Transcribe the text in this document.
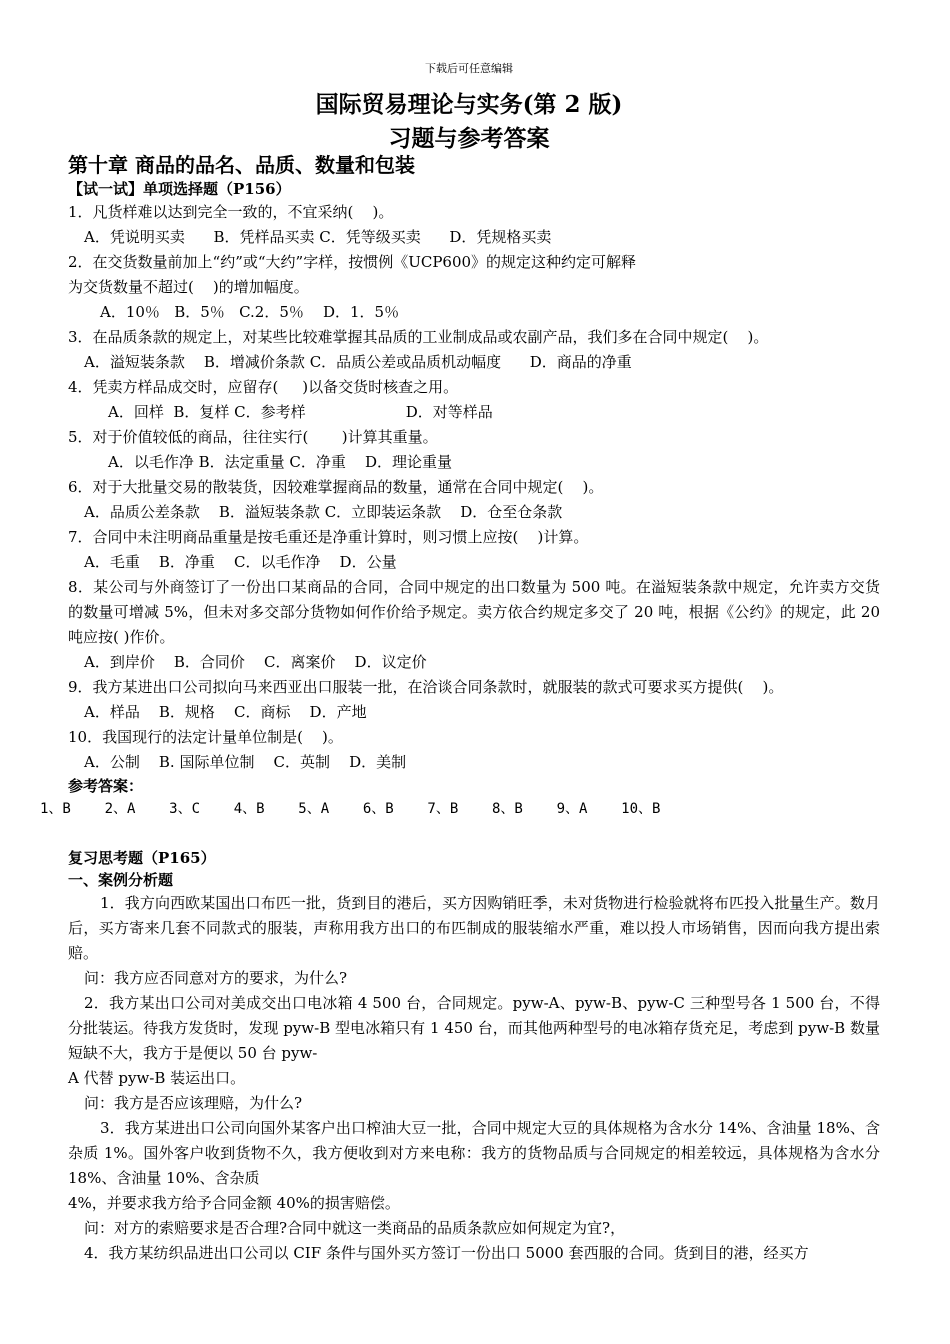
下载后可任意编辑
国际贸易理论与实务(第 2 版)
习题与参考答案
第十章 商品的品名、品质、数量和包装
【试一试】单项选择题（P156）
1．凡货样难以达到完全一致的，不宜采纳(    )。
A．凭说明买卖      B．凭样品买卖 C．凭等级买卖      D．凭规格买卖
2．在交货数量前加上“约”或“大约”字样，按惯例《UCP600》的规定这种约定可解释
为交货数量不超过(    )的增加幅度。
A．10％   B．5％   C.2．5％    D．1．5％
3．在品质条款的规定上，对某些比较难掌握其品质的工业制成品或农副产品，我们多在合同中规定(    )。
A．溢短装条款    B．增减价条款 C．品质公差或品质机动幅度      D．商品的净重
4．凭卖方样品成交时，应留存(     )以备交货时核查之用。
A．回样  B．复样 C．参考样                     D．对等样品
5．对于价值较低的商品，往往实行(       )计算其重量。
A．以毛作净 B．法定重量 C．净重    D．理论重量
6．对于大批量交易的散装货，因较难掌握商品的数量，通常在合同中规定(    )。
A．品质公差条款    B．溢短装条款 C．立即装运条款    D．仓至仓条款
7．合同中未注明商品重量是按毛重还是净重计算时，则习惯上应按(    )计算。
A．毛重    B．净重    C．以毛作净    D．公量
8．某公司与外商签订了一份出口某商品的合同，合同中规定的出口数量为 500 吨。在溢短装条款中规定，允许卖方交货的数量可增减 5%，但未对多交部分货物如何作价给予规定。卖方依合约规定多交了 20 吨，根据《公约》的规定，此 20 吨应按( )作价。
A．到岸价    B．合同价    C．离案价    D．议定价
9．我方某进出口公司拟向马来西亚出口服装一批，在洽谈合同条款时，就服装的款式可要求买方提供(    )。
A．样品    B．规格    C．商标    D．产地
10．我国现行的法定计量单位制是(    )。
A．公制    B. 国际单位制    C．英制    D．美制
参考答案：
1、B    2、A    3、C    4、B    5、A    6、B    7、B    8、B    9、A    10、B
复习思考题（P165）
一、案例分析题
1．我方向西欧某国出口布匹一批，货到目的港后，买方因购销旺季，未对货物进行检验就将布匹投入批量生产。数月后，买方寄来几套不同款式的服装，声称用我方出口的布匹制成的服装缩水严重，难以投人市场销售，因而向我方提出索赔。
问：我方应否同意对方的要求，为什么?
2．我方某出口公司对美成交出口电冰箱 4 500 台，合同规定。pyw-A、pyw-B、pyw-C 三种型号各 1 500 台，不得分批装运。待我方发货时，发现 pyw-B 型电冰箱只有 1 450 台，而其他两种型号的电冰箱存货充足，考虑到 pyw-B 数量短缺不大，我方于是便以 50 台 pyw-
A 代替 pyw-B 装运出口。
问：我方是否应该理赔，为什么?
3．我方某进出口公司向国外某客户出口榨油大豆一批，合同中规定大豆的具体规格为含水分 14%、含油量 18%、含杂质 1%。国外客户收到货物不久，我方便收到对方来电称：我方的货物品质与合同规定的相差较远，具体规格为含水分 18%、含油量 10%、含杂质
4%，并要求我方给予合同金额 40%的损害赔偿。
问：对方的索赔要求是否合理?合同中就这一类商品的品质条款应如何规定为宜?，
4．我方某纺织品进出口公司以 CIF 条件与国外买方签订一份出口 5000 套西服的合同。货到目的港，经买方
